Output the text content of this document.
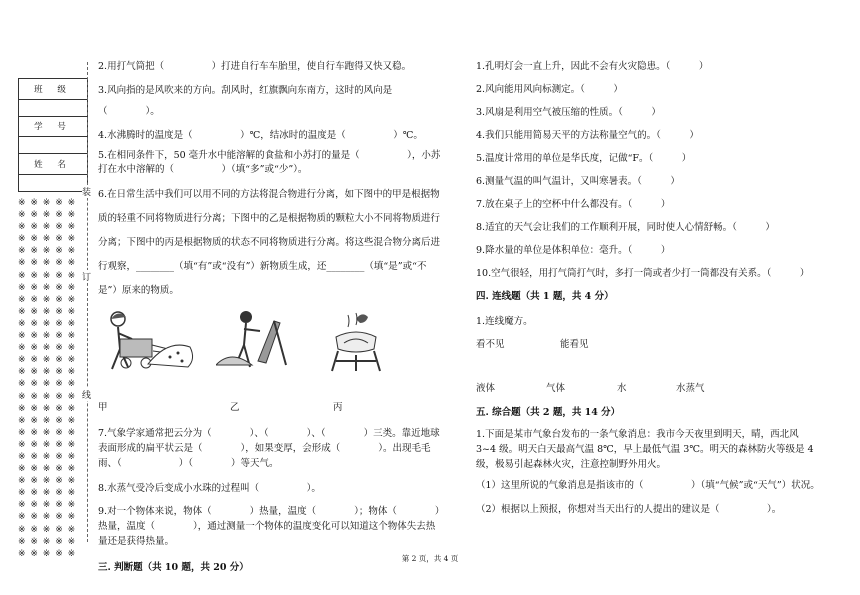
班 级

学 号

姓 名

※ ※ ※ ※ ※
※ ※ ※ ※ ※
※ ※ ※ ※ ※
※ ※ ※ ※ ※
※ ※ ※ ※ ※
※ ※ ※ ※ ※
※ ※ ※ ※ ※
※ ※ ※ ※ ※
※ ※ ※ ※ ※
※ ※ ※ ※ ※
※ ※ ※ ※ ※
※ ※ ※ ※ ※
※ ※ ※ ※ ※
※ ※ ※ ※ ※
※ ※ ※ ※ ※
※ ※ ※ ※ ※
※ ※ ※ ※ ※
※ ※ ※ ※ ※
※ ※ ※ ※ ※
※ ※ ※ ※ ※
※ ※ ※ ※ ※
※ ※ ※ ※ ※
※ ※ ※ ※ ※
※ ※ ※ ※ ※
※ ※ ※ ※ ※
※ ※ ※ ※ ※
※ ※ ※ ※ ※
※ ※ ※ ※ ※
※ ※ ※ ※ ※
※ ※ ※ ※ ※
装
订
线

2.用打气筒把（　　　　　）打进自行车车胎里，使自行车跑得又快又稳。

3.风向指的是风吹来的方向。刮风时，红旗飘向东南方，这时的风向是（　　　　）。

4.水沸腾时的温度是（　　　　　）℃，结冰时的温度是（　　　　　）℃。

5.在相同条件下，50 毫升水中能溶解的食盐和小苏打的量是（　　　　　），小苏打在水中溶解的（　　　　　）（填“多”或“少”）。

6.在日常生活中我们可以用不同的方法将混合物进行分离，如下图中的甲是根据物质的轻重不同将物质进行分离；下图中的乙是根据物质的颗粒大小不同将物质进行分离；下图中的丙是根据物质的状态不同将物质进行分离。将这些混合物分离后进行观察，________（填“有”或“没有”）新物质生成，还________（填“是”或“不是”）原来的物质。

甲	乙	丙

7.气象学家通常把云分为（　　　　）、（　　　　）、（　　　　）三类。靠近地球表面形成的扁平状云是（　　　　），如果变厚，会形成（　　　　）。出现毛毛雨、（　　　　　　）（　　　　）等天气。

8.水蒸气受冷后变成小水珠的过程叫（　　　　　）。

9.对一个物体来说，物体（　　　　）热量，温度（　　　　）；物体（　　　　）热量，温度（　　　　），通过测量一个物体的温度变化可以知道这个物体失去热量还是获得热量。

三. 判断题（共 10 题，共 20 分）

1.孔明灯会一直上升，因此不会有火灾隐患。（　　　）

2.风向能用风向标测定。（　　　）

3.风扇是利用空气被压缩的性质。（　　　）

4.我们只能用简易天平的方法称量空气的。（　　　）

5.温度计常用的单位是华氏度，记做“F。（　　　）

6.测量气温的叫气温计，又叫寒暑表。（　　　）

7.放在桌子上的空杯中什么都没有。（　　　）

8.适宜的天气会让我们的工作顺利开展，同时使人心情舒畅。（　　　）

9.降水量的单位是体积单位：毫升。（　　　）

10.空气很轻，用打气筒打气时，多打一筒或者少打一筒都没有关系。（　　　）

四. 连线题（共 1 题，共 4 分）

1.连线魔方。

看不见	能看见
液体	气体	水	水蒸气

五. 综合题（共 2 题，共 14 分）

1.下面是某市气象台发布的一条气象消息：我市今天夜里到明天，晴，西北风 3~4 级。明天白天最高气温 8℃，早上最低气温 3℃。明天的森林防火等级是 4 级，极易引起森林火灾，注意控制野外用火。

（1）这里所说的气象消息是指该市的（　　　　　）（填“气候”或“天气”）状况。

（2）根据以上预报，你想对当天出行的人提出的建议是（　　　　　）。

第 2 页，共 4 页
